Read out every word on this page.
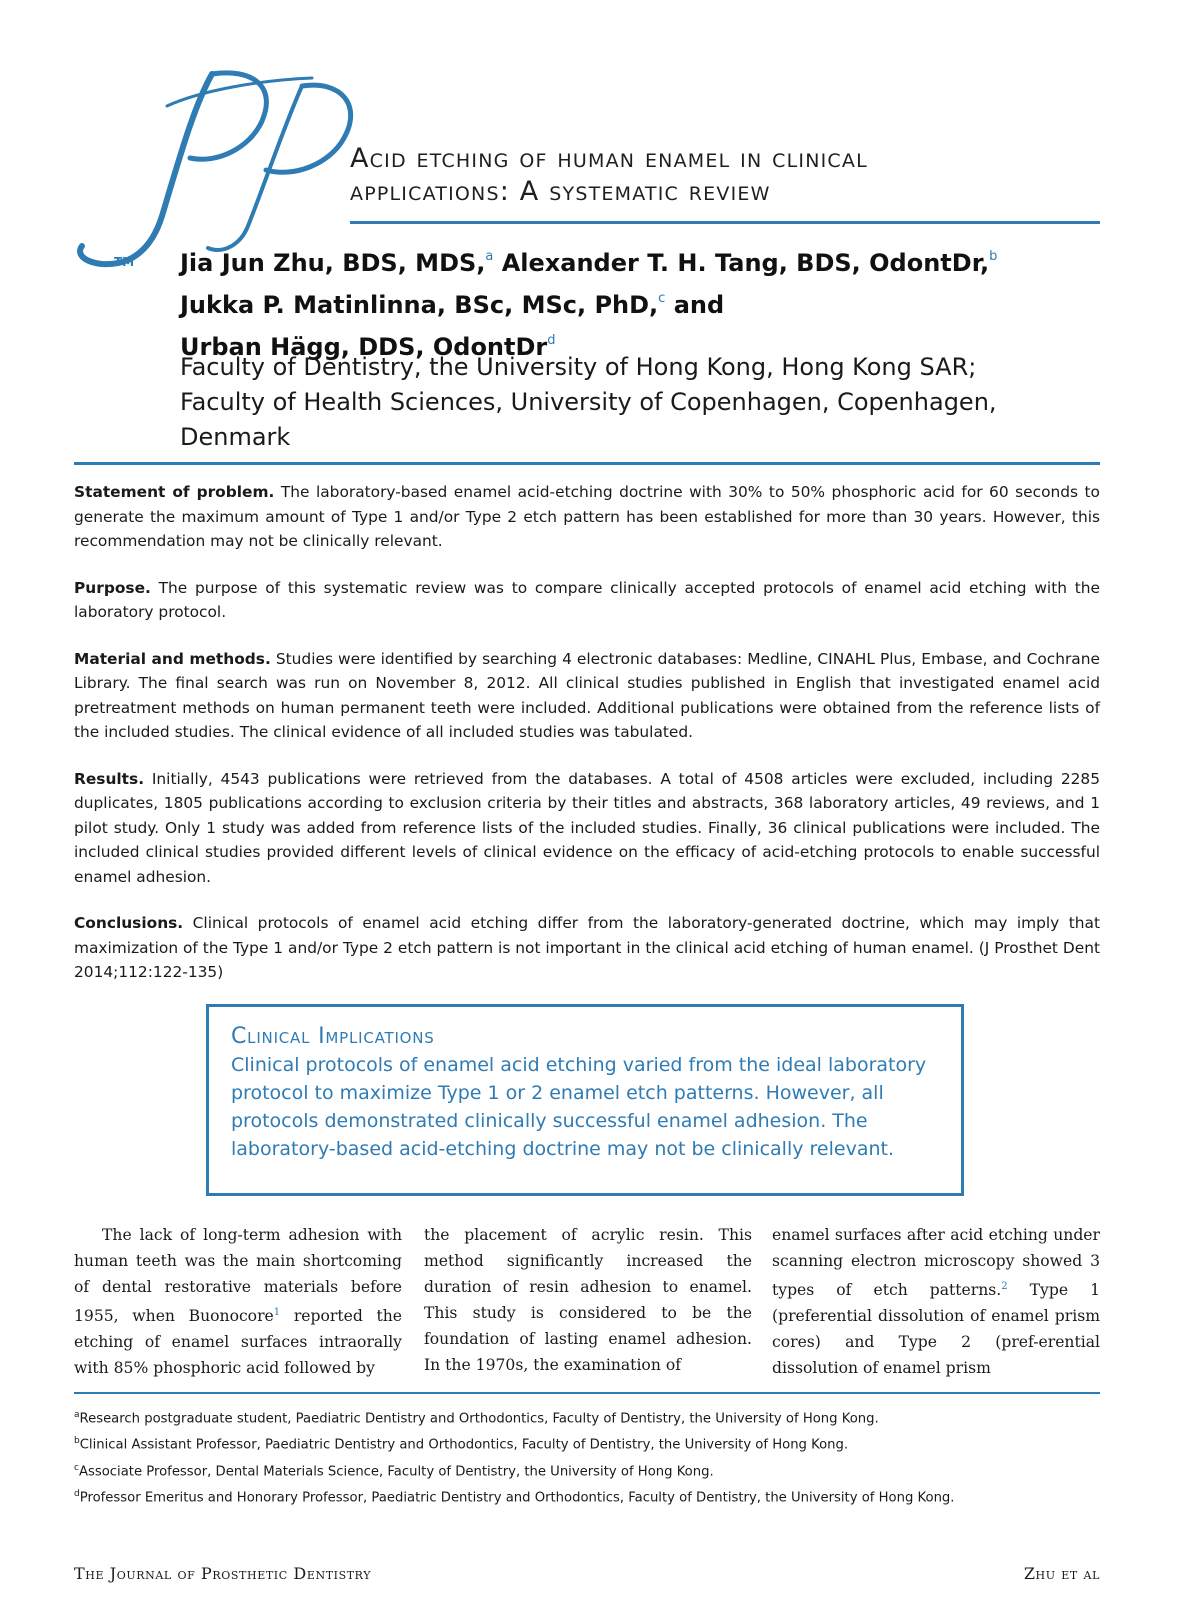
TM
Acid etching of human enamel in clinical
applications: A systematic review
Jia Jun Zhu, BDS, MDS,$^a$ Alexander T. H. Tang, BDS, OdontDr,$^b$
Jukka P. Matinlinna, BSc, MSc, PhD,$^c$ and
Urban Hägg, DDS, OdontDr$^d$
Faculty of Dentistry, the University of Hong Kong, Hong Kong SAR;
Faculty of Health Sciences, University of Copenhagen, Copenhagen,
Denmark

Statement of problem. The laboratory-based enamel acid-etching doctrine with 30% to 50% phosphoric acid for 60 seconds to generate the maximum amount of Type 1 and/or Type 2 etch pattern has been established for more than 30 years. However, this recommendation may not be clinically relevant.

Purpose. The purpose of this systematic review was to compare clinically accepted protocols of enamel acid etching with the laboratory protocol.

Material and methods. Studies were identified by searching 4 electronic databases: Medline, CINAHL Plus, Embase, and Cochrane Library. The final search was run on November 8, 2012. All clinical studies published in English that investigated enamel acid pretreatment methods on human permanent teeth were included. Additional publications were obtained from the reference lists of the included studies. The clinical evidence of all included studies was tabulated.

Results. Initially, 4543 publications were retrieved from the databases. A total of 4508 articles were excluded, including 2285 duplicates, 1805 publications according to exclusion criteria by their titles and abstracts, 368 laboratory articles, 49 reviews, and 1 pilot study. Only 1 study was added from reference lists of the included studies. Finally, 36 clinical publications were included. The included clinical studies provided different levels of clinical evidence on the efficacy of acid-etching protocols to enable successful enamel adhesion.

Conclusions. Clinical protocols of enamel acid etching differ from the laboratory-generated doctrine, which may imply that maximization of the Type 1 and/or Type 2 etch pattern is not important in the clinical acid etching of human enamel. (J Prosthet Dent 2014;112:122-135)

Clinical Implications
Clinical protocols of enamel acid etching varied from the ideal laboratory protocol to maximize Type 1 or 2 enamel etch patterns. However, all protocols demonstrated clinically successful enamel adhesion. The laboratory-based acid-etching doctrine may not be clinically relevant.
The lack of long-term adhesion with human teeth was the main shortcoming of dental restorative materials before 1955, when Buonocore$^1$ reported the etching of enamel surfaces intraorally with 85% phosphoric acid followed by
the placement of acrylic resin. This method significantly increased the duration of resin adhesion to enamel. This study is considered to be the foundation of lasting enamel adhesion. In the 1970s, the examination of
enamel surfaces after acid etching under scanning electron microscopy showed 3 types of etch patterns.$^2$ Type 1 (preferential dissolution of enamel prism cores) and Type 2 (pref-erential dissolution of enamel prism
$^a$Research postgraduate student, Paediatric Dentistry and Orthodontics, Faculty of Dentistry, the University of Hong Kong.
$^b$Clinical Assistant Professor, Paediatric Dentistry and Orthodontics, Faculty of Dentistry, the University of Hong Kong.
$^c$Associate Professor, Dental Materials Science, Faculty of Dentistry, the University of Hong Kong.
$^d$Professor Emeritus and Honorary Professor, Paediatric Dentistry and Orthodontics, Faculty of Dentistry, the University of Hong Kong.
The Journal of Prosthetic Dentistry	Zhu et al
